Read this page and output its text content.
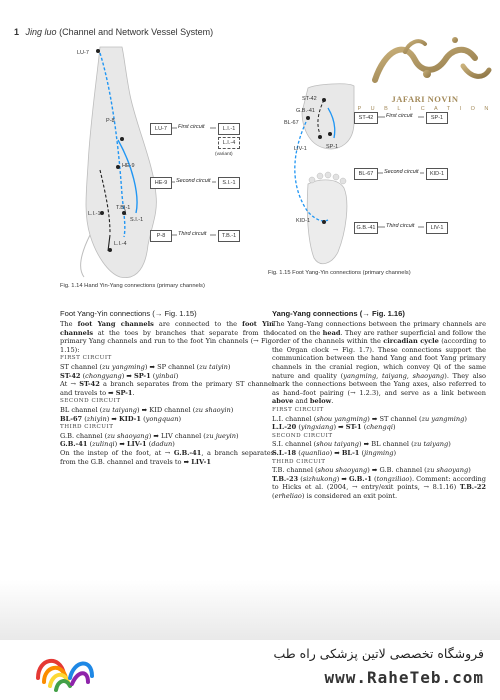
1 Jing luo (Channel and Network Vessel System)
JAFARI NOVIN
P U B L I C A T I O N
LU-7
P-8
HE-9
T.B.-1
L.I.-1
S.I.-1
L.I.-4
LU-7	First circuit	L.I.-1
L.I.-4
(variant)
HE-9	Second circuit	S.I.-1
P-8	Third circuit	T.B.-1
Fig. 1.14 Hand Yin-Yang connections (primary channels)
ST-42
G.B.-41
BL-67
SP-1
LIV-1
KID-1
ST-42	First circuit	SP-1
BL-67	Second circuit	KID-1
G.B.-41	Third circuit	LIV-1
Fig. 1.15 Foot Yang-Yin connections (primary channels)
Foot Yang-Yin connections (→ Fig. 1.15)

The foot Yang channels are connected to the foot Yin channels at the toes by branches that separate from the primary Yang channels and run to the foot Yin channels (→ Fig. 1.15):

FIRST CIRCUIT

ST channel (zu yangming) ➡ SP channel (zu taiyin)

ST-42 (chongyang) ➡ SP-1 (yinbai)

At → ST-42 a branch separates from the primary ST channel and travels to ➡ SP-1.

SECOND CIRCUIT

BL channel (zu taiyang) ➡ KID channel (zu shaoyin)

BL-67 (zhiyin) ➡ KID-1 (yongquan)

THIRD CIRCUIT

G.B. channel (zu shaoyang) ➡ LIV channel (zu jueyin)

G.B.-41 (zulinqi) ➡ LIV-1 (dadun)

On the instep of the foot, at → G.B.-41, a branch separates from the G.B. channel and travels to ➡ LIV-1

Yang-Yang connections (→ Fig. 1.16)

The Yang–Yang connections between the primary channels are located on the head. They are rather superficial and follow the order of the channels within the circadian cycle (according to the Organ clock → Fig. 1.7). These connections support the communication between the hand Yang and foot Yang primary channels in the cranial region, which convey Qi of the same nature and quality (yangming, taiyang, shaoyang). They also mark the connections between the Yang axes, also referred to as hand–foot pairing (→ 1.2.3), and serve as a link between above and below.

FIRST CIRCUIT

L.I. channel (shou yangming) ➡ ST channel (zu yangming)

L.I.-20 (yingxiang) ➡ ST-1 (chengqi)

SECOND CIRCUIT

S.I. channel (shou taiyang) ➡ BL channel (zu taiyang)

S.I.-18 (quanliao) ➡ BL-1 (jingming)

THIRD CIRCUIT

T.B. channel (shou shaoyang) ➡ G.B. channel (zu shaoyang)

T.B.-23 (sizhukong) ➡ G.B.-1 (tongziliao). Comment: according to Hicks et al. (2004, → entry/exit points, → 8.1.16) T.B.-22 (erheliao) is considered an exit point.

فروشگاه تخصصی لاتین پزشکی راه طب
www.RaheTeb.com
